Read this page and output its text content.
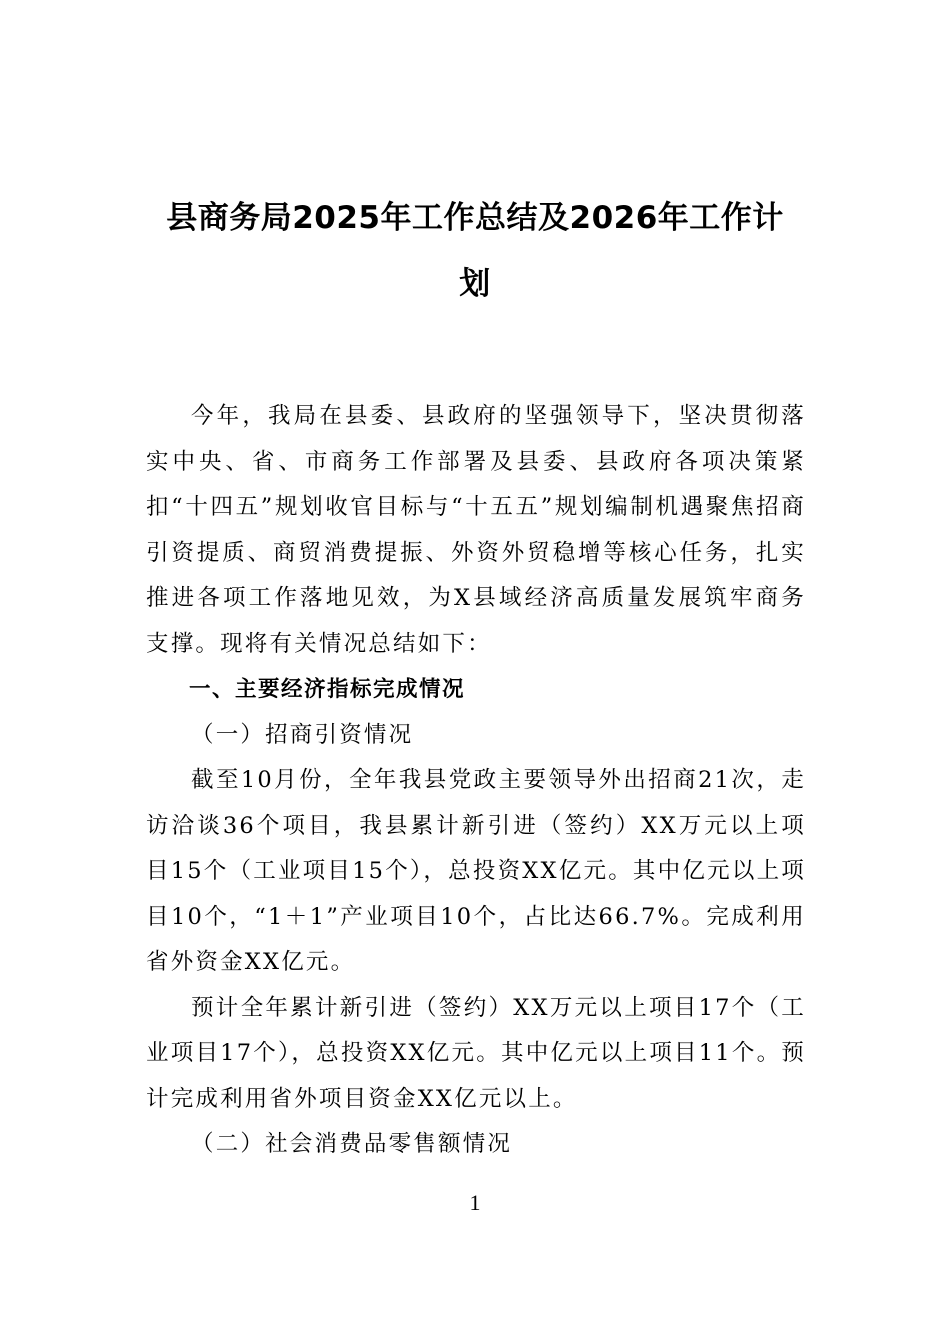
县商务局2025年工作总结及2026年工作计
划

今年，我局在县委、县政府的坚强领导下，坚决贯彻落实中央、省、市商务工作部署及县委、县政府各项决策紧扣“十四五”规划收官目标与“十五五”规划编制机遇聚焦招商引资提质、商贸消费提振、外资外贸稳增等核心任务，扎实推进各项工作落地见效，为X县域经济高质量发展筑牢商务支撑。现将有关情况总结如下：

一、主要经济指标完成情况

（一）招商引资情况

截至10月份，全年我县党政主要领导外出招商21次，走访洽谈36个项目，我县累计新引进（签约）XX万元以上项目15个（工业项目15个），总投资XX亿元。其中亿元以上项目10个，“1＋1”产业项目10个，占比达66.7%。完成利用省外资金XX亿元。

预计全年累计新引进（签约）XX万元以上项目17个（工业项目17个），总投资XX亿元。其中亿元以上项目11个。预计完成利用省外项目资金XX亿元以上。

（二）社会消费品零售额情况

1
